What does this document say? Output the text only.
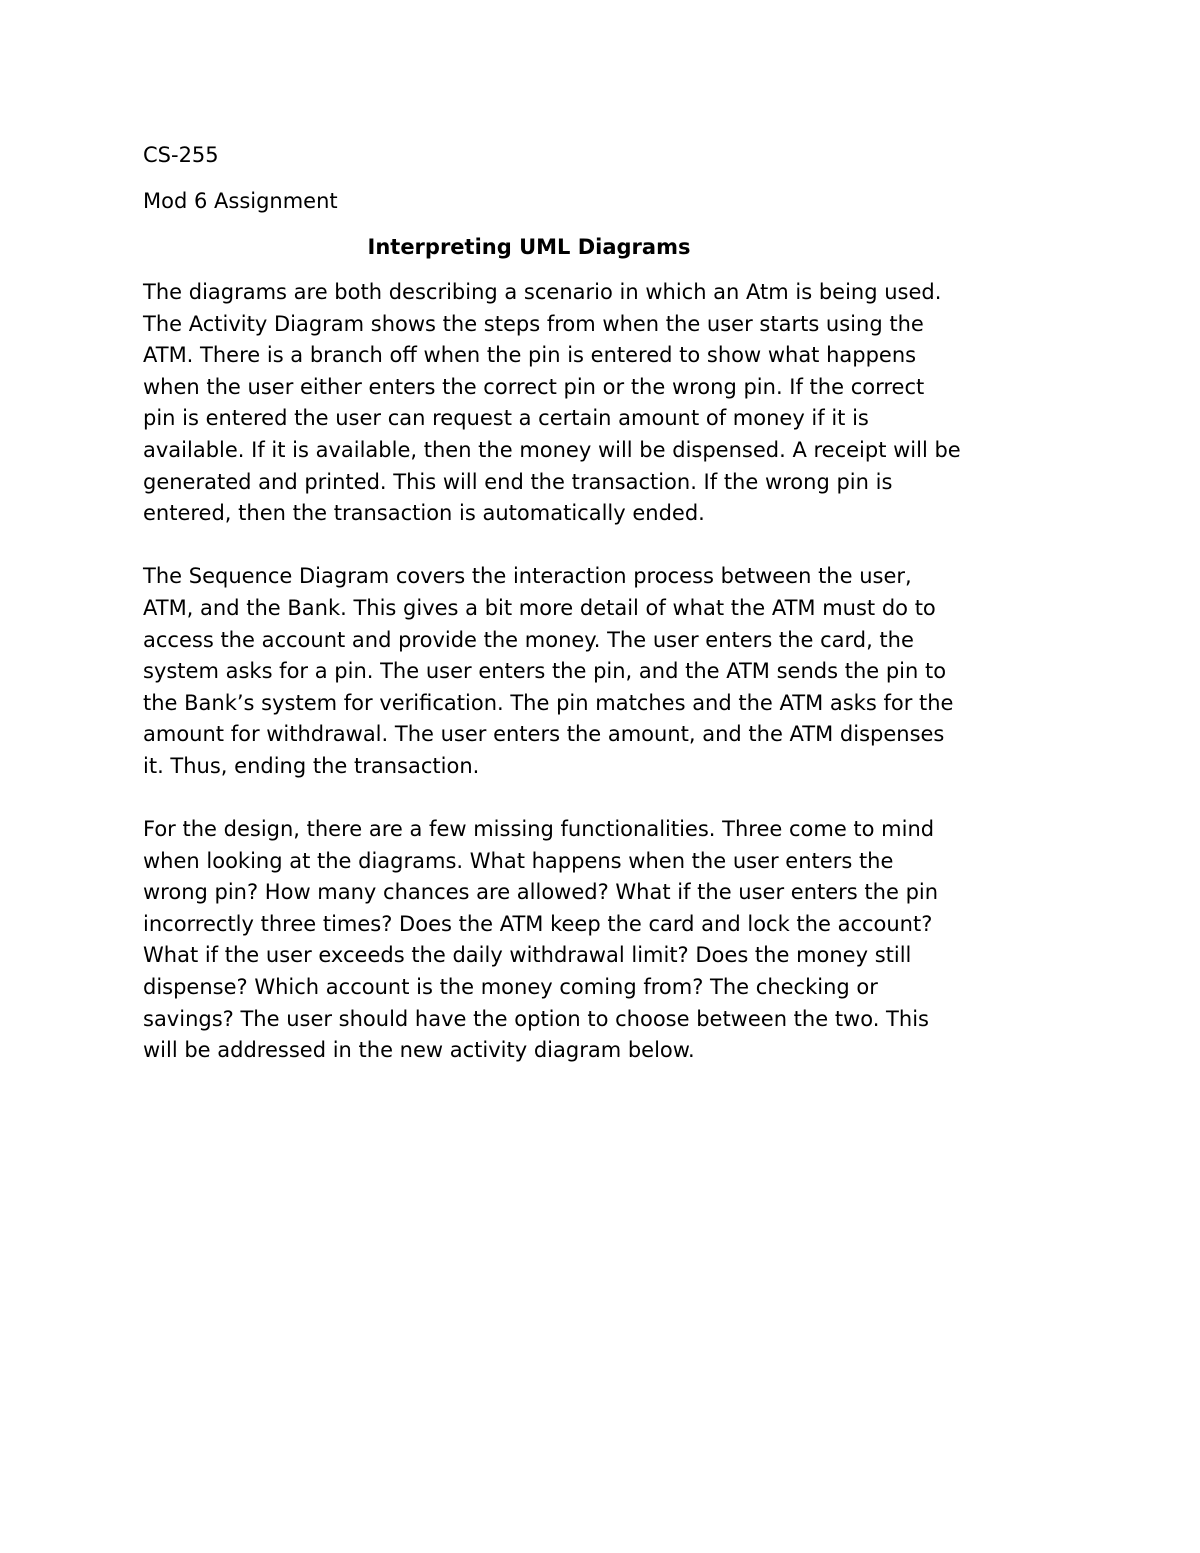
CS-255

Mod 6 Assignment

Interpreting UML Diagrams
The diagrams are both describing a scenario in which an Atm is being used.
The Activity Diagram shows the steps from when the user starts using the
ATM. There is a branch off when the pin is entered to show what happens
when the user either enters the correct pin or the wrong pin. If the correct
pin is entered the user can request a certain amount of money if it is
available. If it is available, then the money will be dispensed. A receipt will be
generated and printed. This will end the transaction. If the wrong pin is
entered, then the transaction is automatically ended.
The Sequence Diagram covers the interaction process between the user,
ATM, and the Bank. This gives a bit more detail of what the ATM must do to
access the account and provide the money. The user enters the card, the
system asks for a pin. The user enters the pin, and the ATM sends the pin to
the Bank’s system for verification. The pin matches and the ATM asks for the
amount for withdrawal. The user enters the amount, and the ATM dispenses
it. Thus, ending the transaction.
For the design, there are a few missing functionalities. Three come to mind
when looking at the diagrams. What happens when the user enters the
wrong pin? How many chances are allowed? What if the user enters the pin
incorrectly three times? Does the ATM keep the card and lock the account?
What if the user exceeds the daily withdrawal limit? Does the money still
dispense? Which account is the money coming from? The checking or
savings? The user should have the option to choose between the two. This
will be addressed in the new activity diagram below.
